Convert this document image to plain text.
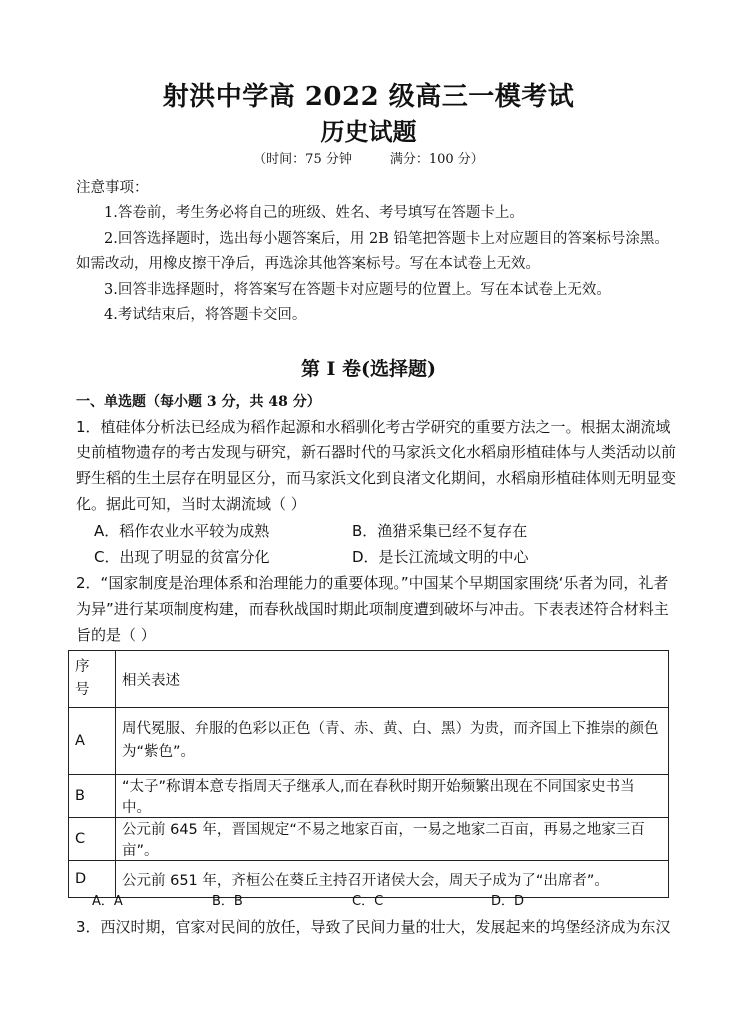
射洪中学高 2022 级高三一模考试
历史试题
（时间：75 分钟	满分：100 分）
注意事项：
1.答卷前，考生务必将自己的班级、姓名、考号填写在答题卡上。
2.回答选择题时，选出每小题答案后，用 2B 铅笔把答题卡上对应题目的答案标号涂黑。
如需改动，用橡皮擦干净后，再选涂其他答案标号。写在本试卷上无效。
3.回答非选择题时，将答案写在答题卡对应题号的位置上。写在本试卷上无效。
4.考试结束后，将答题卡交回。
第 I 卷(选择题)
一、单选题（每小题 3 分，共 48 分）
1．植硅体分析法已经成为稻作起源和水稻驯化考古学研究的重要方法之一。根据太湖流域
史前植物遗存的考古发现与研究，新石器时代的马家浜文化水稻扇形植硅体与人类活动以前
野生稻的生土层存在明显区分，而马家浜文化到良渚文化期间，水稻扇形植硅体则无明显变
化。据此可知，当时太湖流域（ ）
A．稻作农业水平较为成熟	B．渔猎采集已经不复存在
C．出现了明显的贫富分化	D．是长江流域文明的中心
2．“国家制度是治理体系和治理能力的重要体现。”中国某个早期国家围绕‘乐者为同，礼者
为异”进行某项制度构建，而春秋战国时期此项制度遭到破坏与冲击。下表表述符合材料主
旨的是（ ）
序
号	相关表述
A	周代冕服、弁服的色彩以正色（青、赤、黄、白、黑）为贵，而齐国上下推崇的颜色
为“紫色”。

B	“太子”称谓本意专指周天子继承人,而在春秋时期开始频繁出现在不同国家史书当中。
C	公元前 645 年，晋国规定“不易之地家百亩，一易之地家二百亩，再易之地家三百亩”。
D	公元前 651 年，齐桓公在葵丘主持召开诸侯大会，周天子成为了“出席者”。
A．A	B．B	C．C	D．D
3．西汉时期，官家对民间的放任，导致了民间力量的壮大，发展起来的坞堡经济成为东汉
